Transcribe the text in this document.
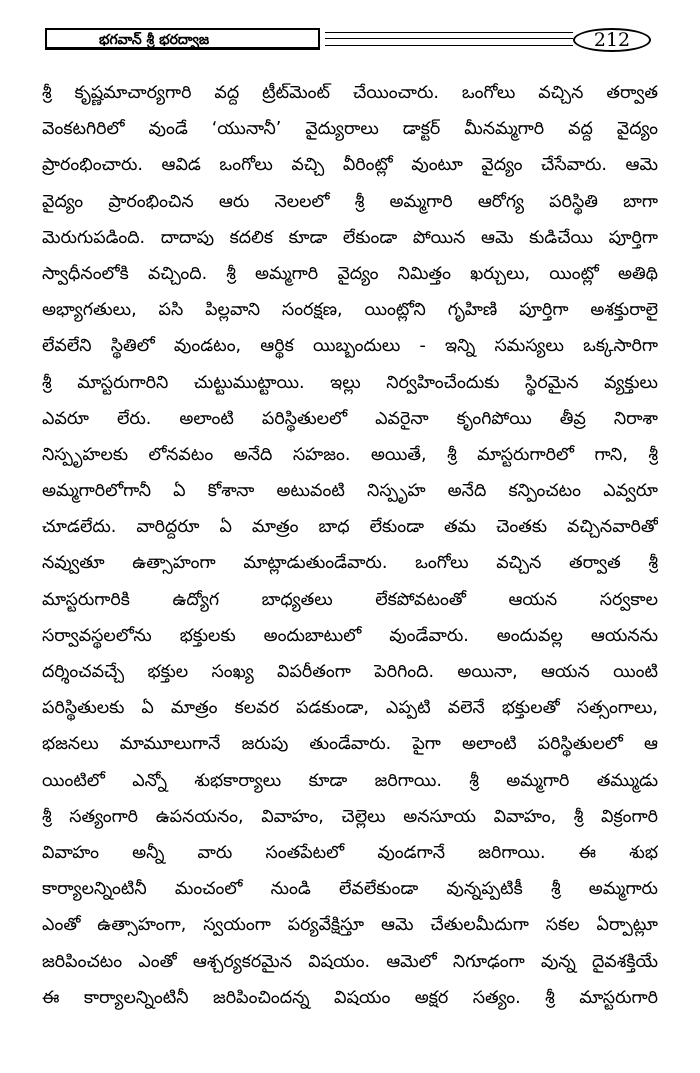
భగవాన్ శ్రీ భరద్వాజ	212
శ్రీ కృష్ణమాచార్యగారి వద్ద ట్రీట్‌మెంట్ చేయించారు. ఒంగోలు వచ్చిన తర్వాత
వెంకటగిరిలో వుండే ‘యునానీ’ వైద్యురాలు డాక్టర్ మీనమ్మగారి వద్ద వైద్యం
ప్రారంభించారు. ఆవిడ ఒంగోలు వచ్చి వీరింట్లో వుంటూ వైద్యం చేసేవారు. ఆమె
వైద్యం ప్రారంభించిన ఆరు నెలలలో శ్రీ అమ్మగారి ఆరోగ్య పరిస్థితి బాగా
మెరుగుపడింది. దాదాపు కదలిక కూడా లేకుండా పోయిన ఆమె కుడిచేయి పూర్తిగా
స్వాధీనంలోకి వచ్చింది. శ్రీ అమ్మగారి వైద్యం నిమిత్తం ఖర్చులు, యింట్లో అతిథి
అభ్యాగతులు, పసి పిల్లవాని సంరక్షణ, యింట్లోని గృహిణి పూర్తిగా అశక్తురాలై
లేవలేని స్థితిలో వుండటం, ఆర్థిక యిబ్బందులు - ఇన్ని సమస్యలు ఒక్కసారిగా
శ్రీ మాస్టరుగారిని చుట్టుముట్టాయి. ఇల్లు నిర్వహించేందుకు స్థిరమైన వ్యక్తులు
ఎవరూ లేరు. అలాంటి పరిస్థితులలో ఎవరైనా కృంగిపోయి తీవ్ర నిరాశా
నిస్పృహలకు లోనవటం అనేది సహజం. అయితే, శ్రీ మాస్టరుగారిలో గాని, శ్రీ
అమ్మగారిలోగానీ ఏ కోశానా అటువంటి నిస్పృహ అనేది కన్పించటం ఎవ్వరూ
చూడలేదు. వారిద్దరూ ఏ మాత్రం బాధ లేకుండా తమ చెంతకు వచ్చినవారితో
నవ్వుతూ ఉత్సాహంగా మాట్లాడుతుండేవారు. ఒంగోలు వచ్చిన తర్వాత శ్రీ
మాస్టరుగారికి ఉద్యోగ బాధ్యతలు లేకపోవటంతో ఆయన సర్వకాల
సర్వావస్థలలోను భక్తులకు అందుబాటులో వుండేవారు. అందువల్ల ఆయనను
దర్శించవచ్చే భక్తుల సంఖ్య విపరీతంగా పెరిగింది. అయినా, ఆయన యింటి
పరిస్థితులకు ఏ మాత్రం కలవర పడకుండా, ఎప్పటి వలెనే భక్తులతో సత్సంగాలు,
భజనలు మామూలుగానే జరుపు తుండేవారు. పైగా అలాంటి పరిస్థితులలో ఆ
యింటిలో ఎన్నో శుభకార్యాలు కూడా జరిగాయి. శ్రీ అమ్మగారి తమ్ముడు
శ్రీ సత్యంగారి ఉపనయనం, వివాహం, చెల్లెలు అనసూయ వివాహం, శ్రీ విక్రంగారి
వివాహం అన్నీ వారు సంతపేటలో వుండగానే జరిగాయి. ఈ శుభ
కార్యాలన్నింటినీ మంచంలో నుండి లేవలేకుండా వున్నప్పటికీ శ్రీ అమ్మగారు
ఎంతో ఉత్సాహంగా, స్వయంగా పర్యవేక్షిస్తూ ఆమె చేతులమీదుగా సకల ఏర్పాట్లూ
జరిపించటం ఎంతో ఆశ్చర్యకరమైన విషయం. ఆమెలో నిగూఢంగా వున్న దైవశక్తియే
ఈ కార్యాలన్నింటినీ జరిపించిందన్న విషయం అక్షర సత్యం. శ్రీ మాస్టరుగారి
